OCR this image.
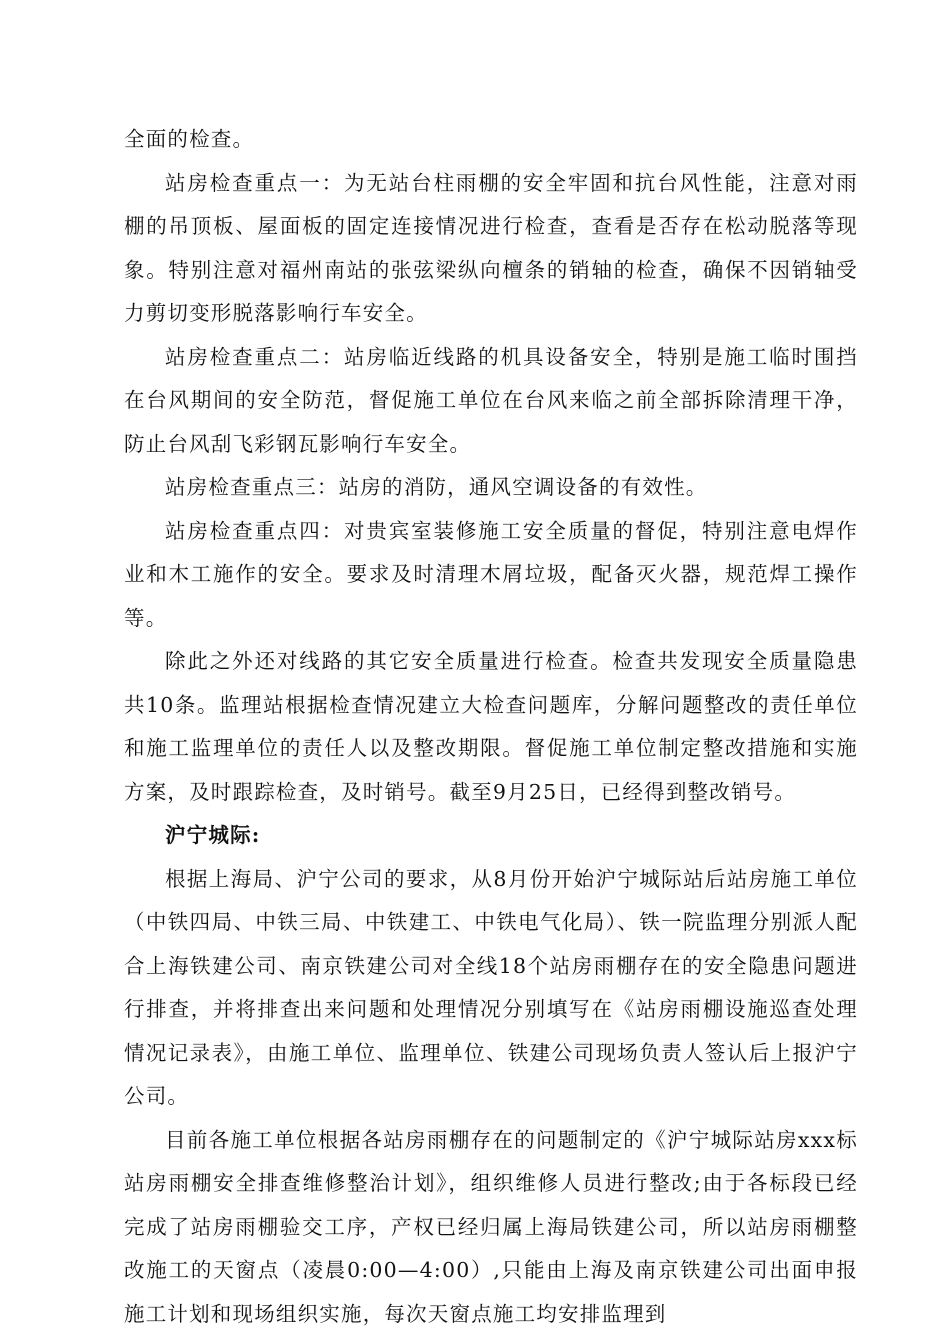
全面的检查。

站房检查重点一：为无站台柱雨棚的安全牢固和抗台风性能，注意对雨棚的吊顶板、屋面板的固定连接情况进行检查，查看是否存在松动脱落等现象。特别注意对福州南站的张弦梁纵向檀条的销轴的检查，确保不因销轴受力剪切变形脱落影响行车安全。

站房检查重点二：站房临近线路的机具设备安全，特别是施工临时围挡在台风期间的安全防范，督促施工单位在台风来临之前全部拆除清理干净，防止台风刮飞彩钢瓦影响行车安全。

站房检查重点三：站房的消防，通风空调设备的有效性。

站房检查重点四：对贵宾室装修施工安全质量的督促，特别注意电焊作业和木工施作的安全。要求及时清理木屑垃圾，配备灭火器，规范焊工操作等。

除此之外还对线路的其它安全质量进行检查。检查共发现安全质量隐患共10条。监理站根据检查情况建立大检查问题库，分解问题整改的责任单位和施工监理单位的责任人以及整改期限。督促施工单位制定整改措施和实施方案，及时跟踪检查，及时销号。截至9月25日，已经得到整改销号。

沪宁城际:

根据上海局、沪宁公司的要求，从8月份开始沪宁城际站后站房施工单位（中铁四局、中铁三局、中铁建工、中铁电气化局）、铁一院监理分别派人配合上海铁建公司、南京铁建公司对全线18个站房雨棚存在的安全隐患问题进行排查，并将排查出来问题和处理情况分别填写在《站房雨棚设施巡查处理情况记录表》，由施工单位、监理单位、铁建公司现场负责人签认后上报沪宁公司。

目前各施工单位根据各站房雨棚存在的问题制定的《沪宁城际站房xxx标站房雨棚安全排查维修整治计划》，组织维修人员进行整改;由于各标段已经完成了站房雨棚验交工序，产权已经归属上海局铁建公司，所以站房雨棚整改施工的天窗点（凌晨0:00—4:00）,只能由上海及南京铁建公司出面申报施工计划和现场组织实施，每次天窗点施工均安排监理到
